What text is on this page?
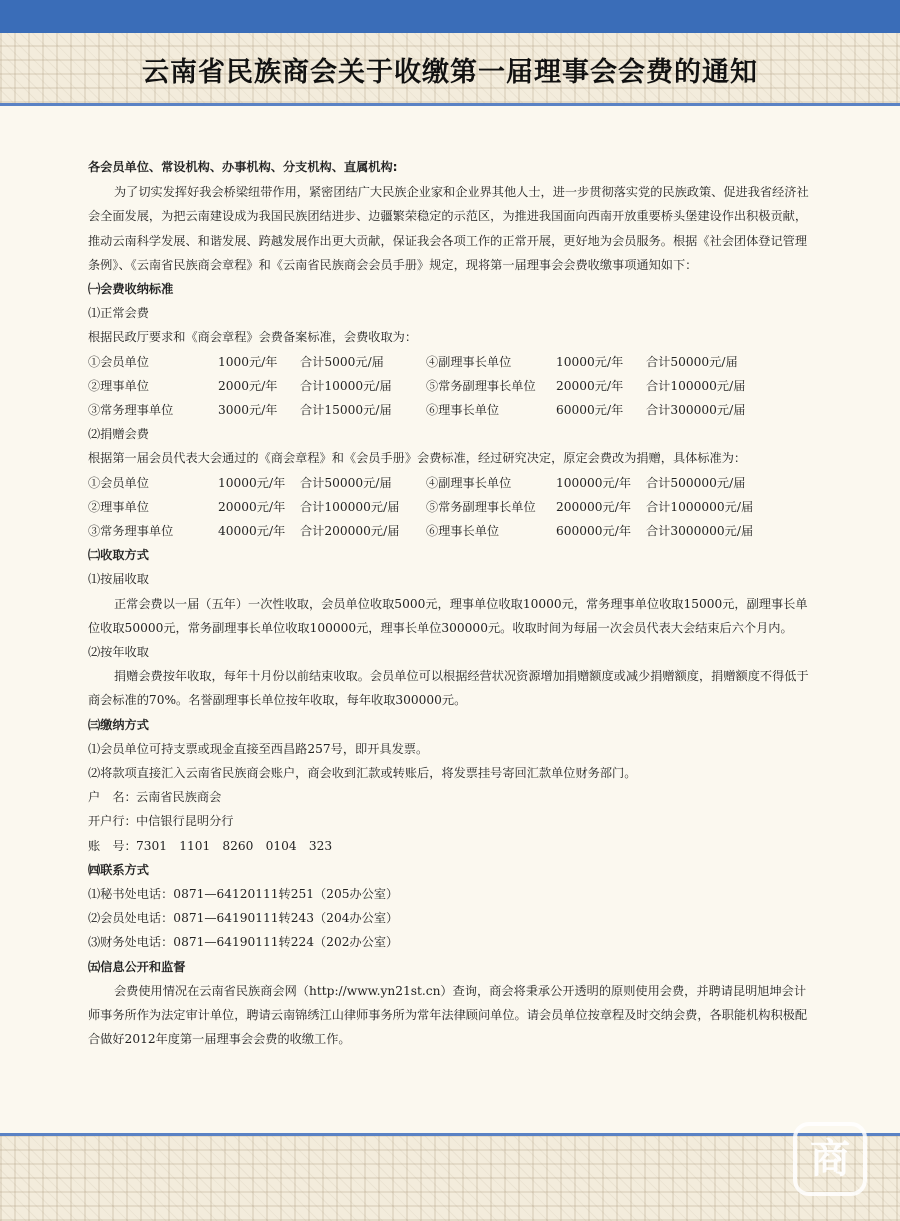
云南省民族商会关于收缴第一届理事会会费的通知

各会员单位、常设机构、办事机构、分支机构、直属机构:

为了切实发挥好我会桥梁纽带作用，紧密团结广大民族企业家和企业界其他人士，进一步贯彻落实党的民族政策、促进我省经济社会全面发展，为把云南建设成为我国民族团结进步、边疆繁荣稳定的示范区，为推进我国面向西南开放重要桥头堡建设作出积极贡献，推动云南科学发展、和谐发展、跨越发展作出更大贡献，保证我会各项工作的正常开展，更好地为会员服务。根据《社会团体登记管理条例》、《云南省民族商会章程》和《云南省民族商会会员手册》规定，现将第一届理事会会费收缴事项通知如下：

㈠会费收纳标准
⑴正常会费
根据民政厅要求和《商会章程》会费备案标准，会费收取为：
①会员单位	1000元/年	合计5000元/届	④副理事长单位	10000元/年	合计50000元/届
②理事单位	2000元/年	合计10000元/届	⑤常务副理事长单位	20000元/年	合计100000元/届
③常务理事单位	3000元/年	合计15000元/届	⑥理事长单位	60000元/年	合计300000元/届
⑵捐赠会费
根据第一届会员代表大会通过的《商会章程》和《会员手册》会费标准，经过研究决定，原定会费改为捐赠，具体标准为：
①会员单位	10000元/年	合计50000元/届	④副理事长单位	100000元/年	合计500000元/届
②理事单位	20000元/年	合计100000元/届	⑤常务副理事长单位	200000元/年	合计1000000元/届
③常务理事单位	40000元/年	合计200000元/届	⑥理事长单位	600000元/年	合计3000000元/届
㈡收取方式
⑴按届收取

正常会费以一届（五年）一次性收取，会员单位收取5000元，理事单位收取10000元，常务理事单位收取15000元，副理事长单位收取50000元，常务副理事长单位收取100000元，理事长单位300000元。收取时间为每届一次会员代表大会结束后六个月内。

⑵按年收取

捐赠会费按年收取，每年十月份以前结束收取。会员单位可以根据经营状况资源增加捐赠额度或减少捐赠额度，捐赠额度不得低于商会标准的70%。名誉副理事长单位按年收取，每年收取300000元。

㈢缴纳方式
⑴会员单位可持支票或现金直接至西昌路257号，即开具发票。
⑵将款项直接汇入云南省民族商会账户，商会收到汇款或转账后，将发票挂号寄回汇款单位财务部门。
户　名： 云南省民族商会
开户行： 中信银行昆明分行
账　号： 7301　1101　8260　0104　323
㈣联系方式
⑴秘书处电话：0871—64120111转251（205办公室）
⑵会员处电话：0871—64190111转243（204办公室）
⑶财务处电话：0871—64190111转224（202办公室）
㈤信息公开和监督

会费使用情况在云南省民族商会网（http://www.yn21st.cn）查询，商会将秉承公开透明的原则使用会费，并聘请昆明旭坤会计师事务所作为法定审计单位，聘请云南锦绣江山律师事务所为常年法律顾问单位。请会员单位按章程及时交纳会费，各职能机构积极配合做好2012年度第一届理事会会费的收缴工作。

商
